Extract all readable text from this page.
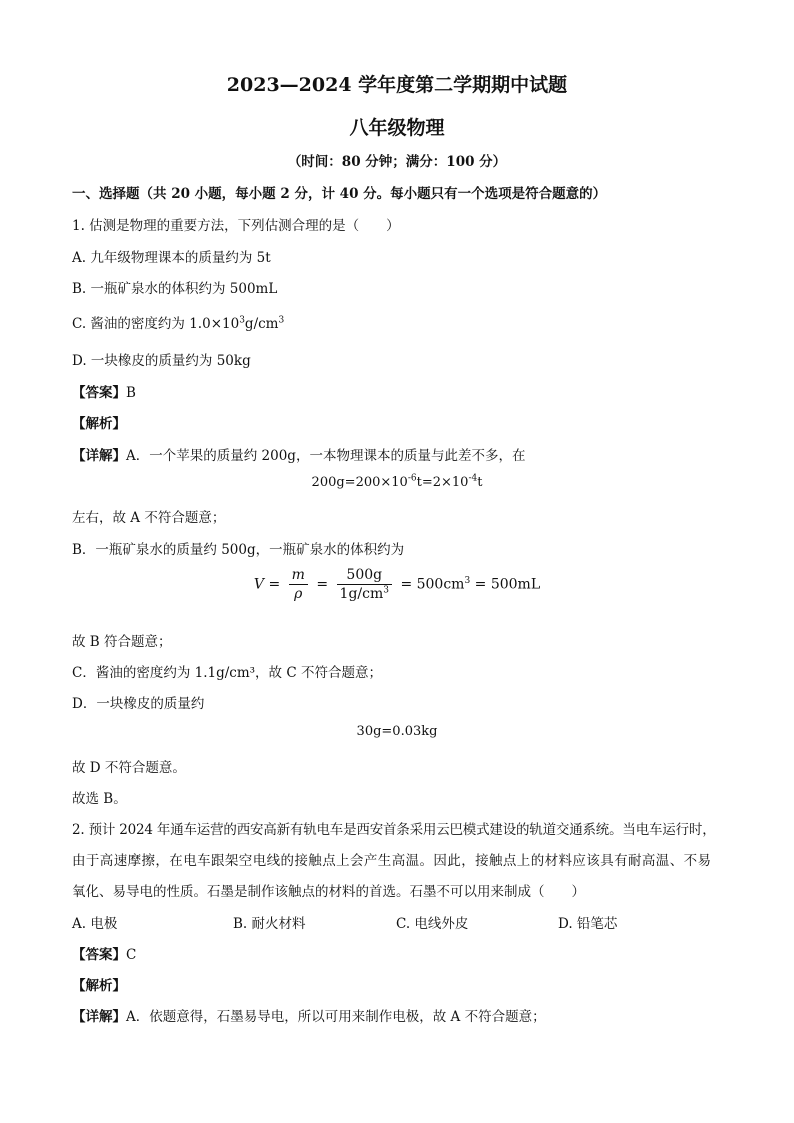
2023—2024 学年度第二学期期中试题
八年级物理
（时间：80 分钟；满分：100 分）
一、选择题（共 20 小题，每小题 2 分，计 40 分。每小题只有一个选项是符合题意的）
1. 估测是物理的重要方法，下列估测合理的是（　　）
A. 九年级物理课本的质量约为 5t
B. 一瓶矿泉水的体积约为 500mL
C. 酱油的密度约为 $1.0\times 10^3g/cm^3$
D. 一块橡皮的质量约为 50kg
【答案】B
【解析】
【详解】A．一个苹果的质量约 200g，一本物理课本的质量与此差不多，在
$200g=200\times 10^{-6}t=2\times 10^{-4}t$
左右，故 A 不符合题意；
B．一瓶矿泉水的质量约 500g，一瓶矿泉水的体积约为
$V = \frac{m}{\rho} = \frac{500g}{1g/cm^3} = 500cm^3 = 500mL$
故 B 符合题意；
C．酱油的密度约为 1.1g/cm³，故 C 不符合题意；
D．一块橡皮的质量约
30g=0.03kg
故 D 不符合题意。
故选 B。
2. 预计 2024 年通车运营的西安高新有轨电车是西安首条采用云巴模式建设的轨道交通系统。当电车运行时，
由于高速摩擦，在电车跟架空电线的接触点上会产生高温。因此，接触点上的材料应该具有耐高温、不易
氧化、易导电的性质。石墨是制作该触点的材料的首选。石墨不可以用来制成（　　）
A. 电极	B. 耐火材料	C. 电线外皮	D. 铅笔芯
【答案】C
【解析】
【详解】A．依题意得，石墨易导电，所以可用来制作电极，故 A 不符合题意；
